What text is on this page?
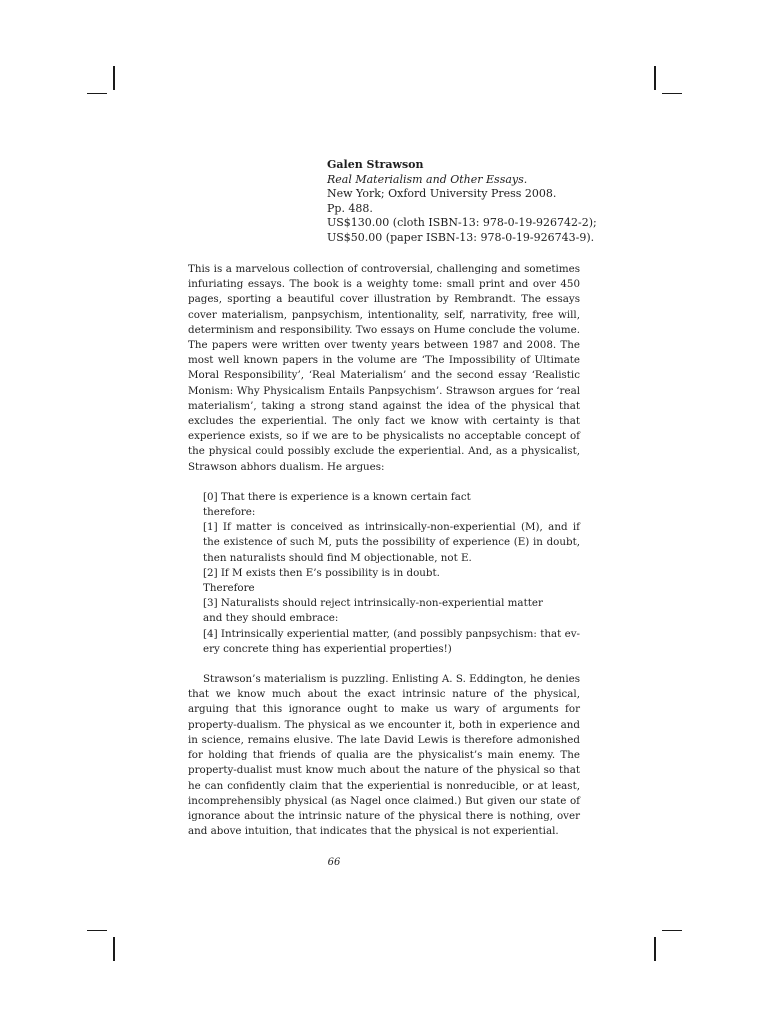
Galen Strawson
Real Materialism and Other Essays.
New York; Oxford University Press 2008.
Pp. 488.
US$130.00 (cloth ISBN-13: 978-0-19-926742-2);
US$50.00 (paper ISBN-13: 978-0-19-926743-9).

This is a marvelous collection of controversial, challenging and sometimes infuriating essays. The book is a weighty tome: small print and over 450 pages, sporting a beautiful cover illustration by Rembrandt. The essays cover materialism, panpsychism, intentionality, self, narrativity, free will, determinism and responsibility. Two essays on Hume conclude the volume. The papers were written over twenty years between 1987 and 2008. The most well known papers in the volume are ‘The Impossibility of Ultimate Moral Responsibility’, ‘Real Materialism’ and the second essay ‘Realistic Monism: Why Physicalism Entails Panpsychism’. Strawson argues for ‘real materialism’, taking a strong stand against the idea of the physical that excludes the experiential. The only fact we know with certainty is that experience exists, so if we are to be physicalists no acceptable concept of the physical could possibly exclude the experiential. And, as a physicalist, Strawson abhors dualism. He argues:

[0] That there is experience is a known certain fact
therefore:
[1] If matter is conceived as intrinsically-non-experiential (M), and if the existence of such M, puts the possibility of experience (E) in doubt, then naturalists should find M objectionable, not E.
[2] If M exists then E’s possibility is in doubt.
Therefore
[3] Naturalists should reject intrinsically-non-experiential matter
and they should embrace:
[4] Intrinsically experiential matter, (and possibly panpsychism: that every concrete thing has experiential properties!)

Strawson’s materialism is puzzling. Enlisting A. S. Eddington, he denies that we know much about the exact intrinsic nature of the physical, arguing that this ignorance ought to make us wary of arguments for property-dualism. The physical as we encounter it, both in experience and in science, remains elusive. The late David Lewis is therefore admonished for holding that friends of qualia are the physicalist’s main enemy. The property-dualist must know much about the nature of the physical so that he can confidently claim that the experiential is nonreducible, or at least, incomprehensibly physical (as Nagel once claimed.) But given our state of ignorance about the intrinsic nature of the physical there is nothing, over and above intuition, that indicates that the physical is not experiential.

66
